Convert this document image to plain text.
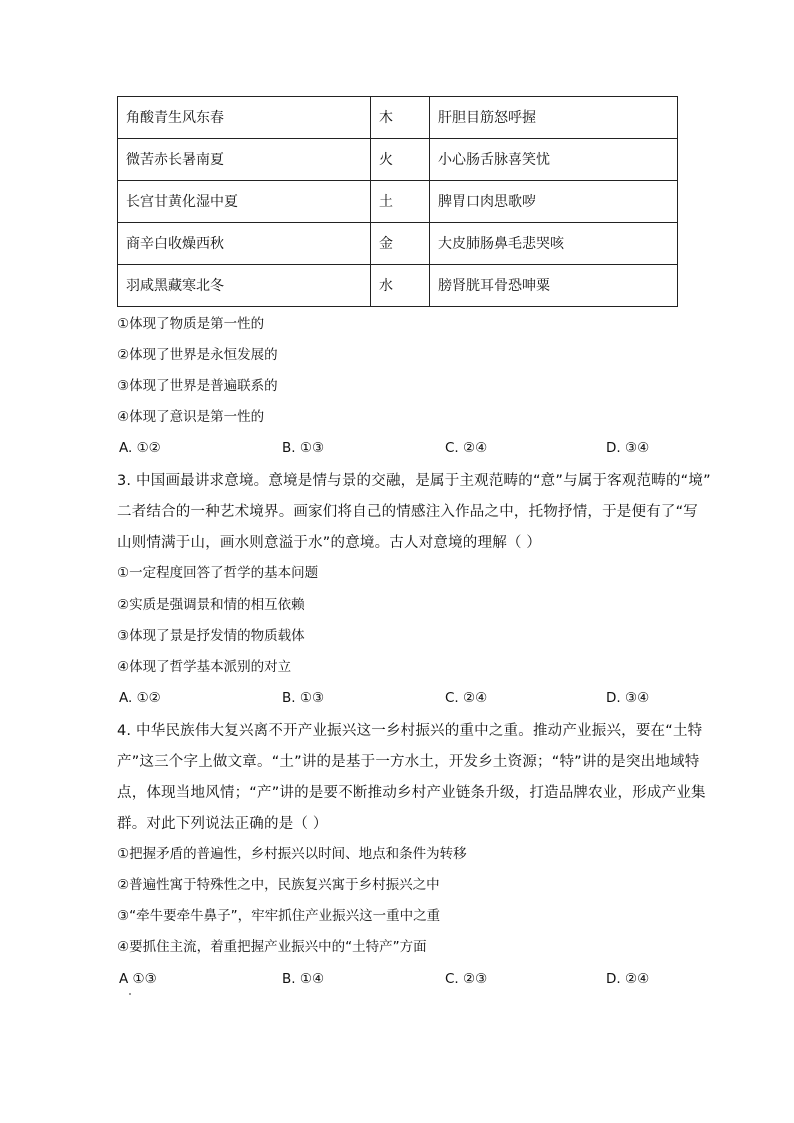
角酸青生风东春	木	肝胆目筋怒呼握
微苦赤长暑南夏	火	小心肠舌脉喜笑忧
长宫甘黄化湿中夏	土	脾胃口肉思歌哕
商辛白收燥西秋	金	大皮肺肠鼻毛悲哭咳
羽咸黑藏寒北冬	水	膀肾胱耳骨恐呻粟
①体现了物质是第一性的
②体现了世界是永恒发展的
③体现了世界是普遍联系的
④体现了意识是第一性的
A. ①②	B. ①③	C. ②④	D. ③④
3. 中国画最讲求意境。意境是情与景的交融，是属于主观范畴的“意”与属于客观范畴的“境”
二者结合的一种艺术境界。画家们将自己的情感注入作品之中，托物抒情，于是便有了“写
山则情满于山，画水则意溢于水”的意境。古人对意境的理解（ ）
①一定程度回答了哲学的基本问题
②实质是强调景和情的相互依赖
③体现了景是抒发情的物质载体
④体现了哲学基本派别的对立
A. ①②	B. ①③	C. ②④	D. ③④
4. 中华民族伟大复兴离不开产业振兴这一乡村振兴的重中之重。推动产业振兴，要在“土特
产”这三个字上做文章。“土”讲的是基于一方水土，开发乡土资源；“特”讲的是突出地域特
点，体现当地风情；“产”讲的是要不断推动乡村产业链条升级，打造品牌农业，形成产业集
群。对此下列说法正确的是（ ）
①把握矛盾的普遍性，乡村振兴以时间、地点和条件为转移
②普遍性寓于特殊性之中，民族复兴寓于乡村振兴之中
③“牵牛要牵牛鼻子”，牢牢抓住产业振兴这一重中之重
④要抓住主流，着重把握产业振兴中的“土特产”方面
A ①③	B. ①④	C. ②③	D. ②④
